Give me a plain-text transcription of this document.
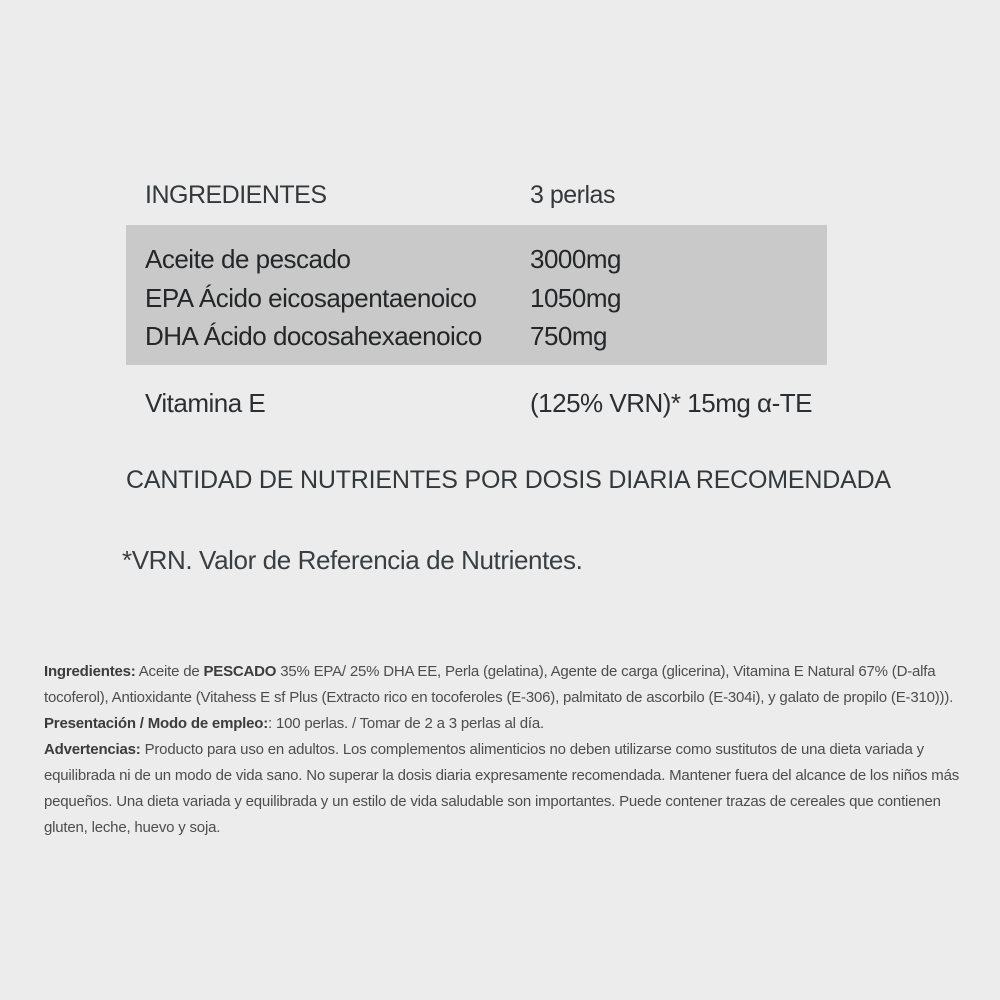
INGREDIENTES	3 perlas
Aceite de pescado	3000mg
EPA Ácido eicosapentaenoico	1050mg
DHA Ácido docosahexaenoico	750mg
Vitamina E	(125% VRN)* 15mg α-TE
CANTIDAD DE NUTRIENTES POR DOSIS DIARIA RECOMENDADA
*VRN. Valor de Referencia de Nutrientes.

Ingredientes: Aceite de PESCADO 35% EPA/ 25% DHA EE, Perla (gelatina), Agente de carga (glicerina), Vitamina E Natural 67% (D-alfa tocoferol), Antioxidante (Vitahess E sf Plus (Extracto rico en tocoferoles (E-306), palmitato de ascorbilo (E-304i), y galato de propilo (E-310))).

Presentación / Modo de empleo:: 100 perlas. / Tomar de 2 a 3 perlas al día.

Advertencias: Producto para uso en adultos. Los complementos alimenticios no deben utilizarse como sustitutos de una dieta variada y equilibrada ni de un modo de vida sano. No superar la dosis diaria expresamente recomendada. Mantener fuera del alcance de los niños más pequeños. Una dieta variada y equilibrada y un estilo de vida saludable son importantes. Puede contener trazas de cereales que contienen gluten, leche, huevo y soja.
